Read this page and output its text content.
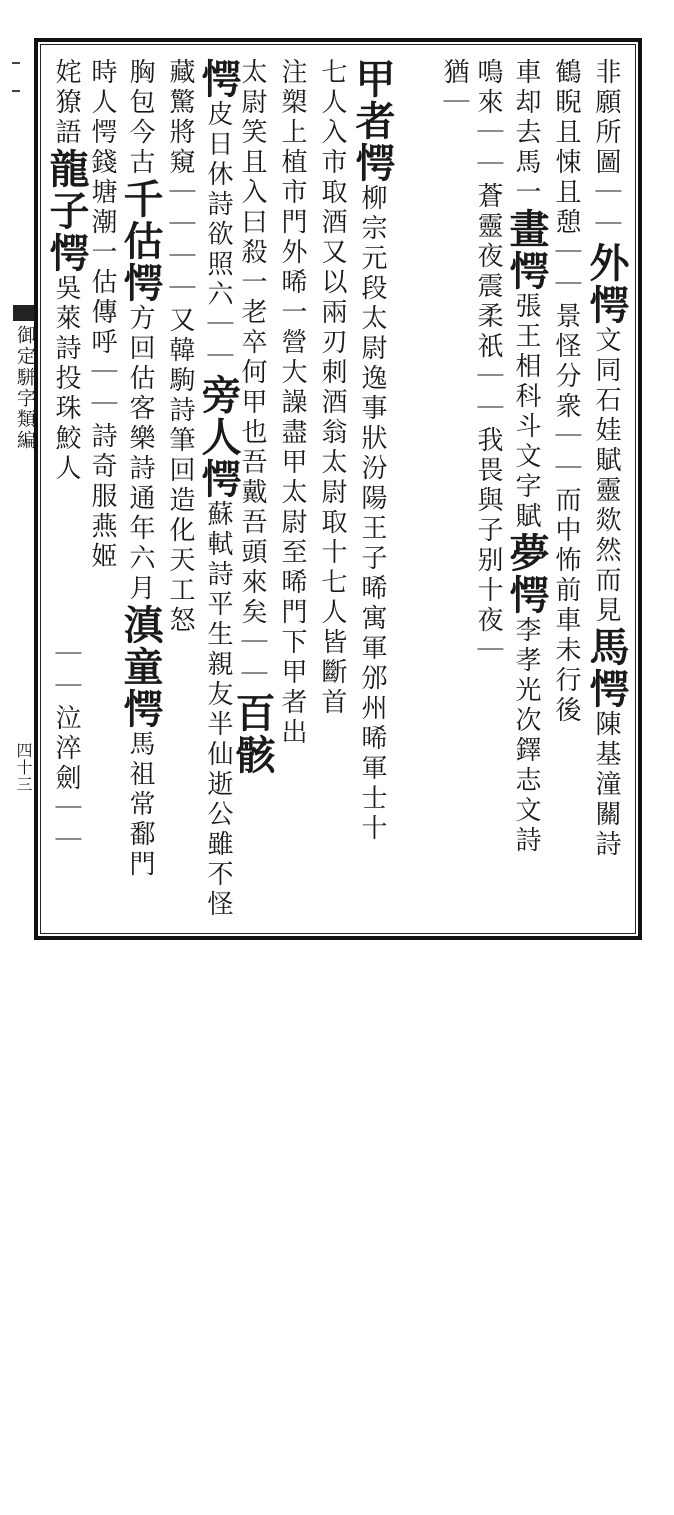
御定駢字類編
四十三
非願所圖｜｜外愕文同石娃賦靈欻然而見馬愕陳基潼關詩
鶴睨且悚且憩｜｜景怪分衆｜｜而中怖前車未行後
車却去馬一畫愕張王相科斗文字賦夢愕李孝光次鐸志文詩
鳴來｜｜蒼靈夜震柔祇｜｜我畏與子别十夜｜
猶｜
甲者愕柳宗元段太尉逸事狀汾陽王子晞寓軍邠州晞軍士十
七人入市取酒又以兩刃刺酒翁太尉取十七人皆斷首
注槊上植市門外晞一營大譟盡甲太尉至晞門下甲者出
太尉笑且入曰殺一老卒何甲也吾戴吾頭來矣｜｜百骸
愕皮日休詩欲照六｜｜旁人愕蘇軾詩平生親友半仙逝公雖不怪
藏驚將窺｜｜｜｜又韓駒詩筆回造化天工怒
胸包今古千估愕方回估客樂詩通年六月滇童愕馬祖常鄱門
時人愕錢塘潮一估傳呼｜｜詩奇服燕姬
姹獠語龍子愕吳萊詩投珠鮫人
｜｜泣淬劍｜｜
